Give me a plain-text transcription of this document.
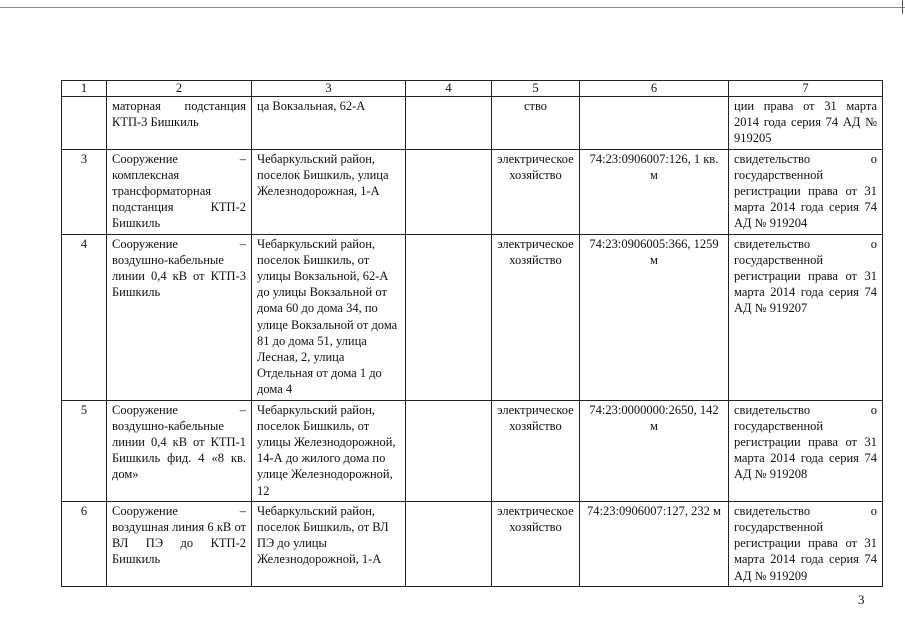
1	2	3	4	5	6	7
	маторная подстанция КТП-3 Бишкиль	ца Вокзальная, 62-А		ство		ции права от 31 марта 2014 года серия 74 АД № 919205
3	Сооружение – комплексная трансформаторная подстанция КТП-2 Бишкиль	Чебаркульский район, поселок Бишкиль, улица Железнодорожная, 1-А		электрическое хозяйство	74:23:0906007:126, 1 кв. м	свидетельство о государственной регистрации права от 31 марта 2014 года серия 74 АД № 919204
4	Сооружение – воздушно-кабельные линии 0,4 кВ от КТП-3 Бишкиль	Чебаркульский район, поселок Бишкиль, от улицы Вокзальной, 62-А до улицы Вокзальной от дома 60 до дома 34, по улице Вокзальной от дома 81 до дома 51, улица Лесная, 2, улица Отдельная от дома 1 до дома 4		электрическое хозяйство	74:23:0906005:366, 1259 м	свидетельство о государственной регистрации права от 31 марта 2014 года серия 74 АД № 919207
5	Сооружение – воздушно-кабельные линии 0,4 кВ от КТП-1 Бишкиль фид. 4 «8 кв. дом»	Чебаркульский район, поселок Бишкиль, от улицы Железнодорожной, 14-А до жилого дома по улице Железнодорожной, 12		электрическое хозяйство	74:23:0000000:2650, 142 м	свидетельство о государственной регистрации права от 31 марта 2014 года серия 74 АД № 919208
6	Сооружение – воздушная линия 6 кВ от ВЛ ПЭ до КТП-2 Бишкиль	Чебаркульский район, поселок Бишкиль, от ВЛ ПЭ до улицы Железнодорожной, 1-А		электрическое хозяйство	74:23:0906007:127, 232 м	свидетельство о государственной регистрации права от 31 марта 2014 года серия 74 АД № 919209
3
